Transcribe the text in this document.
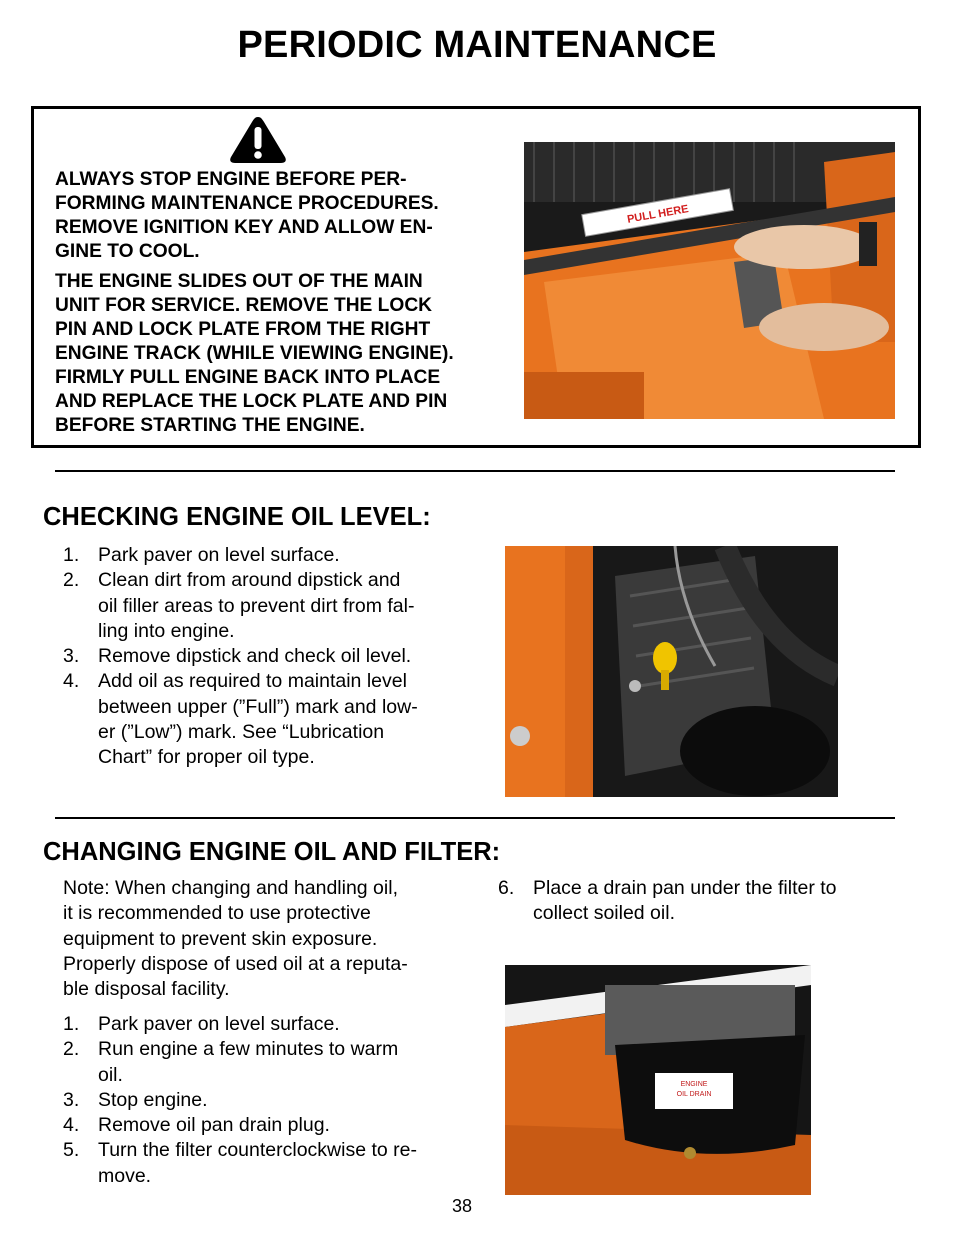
PERIODIC MAINTENANCE
ALWAYS STOP ENGINE BEFORE PER-
FORMING MAINTENANCE PROCEDURES.
REMOVE IGNITION KEY AND ALLOW EN-
GINE TO COOL.
THE ENGINE SLIDES OUT OF THE MAIN
UNIT FOR SERVICE. REMOVE THE LOCK
PIN AND LOCK PLATE FROM THE RIGHT
ENGINE TRACK (WHILE VIEWING ENGINE).
FIRMLY PULL ENGINE BACK INTO PLACE
AND REPLACE THE LOCK PLATE AND PIN
BEFORE STARTING THE ENGINE.
PULL HERE
CHECKING ENGINE OIL LEVEL:
1. Park paver on level surface.
2. Clean dirt from around dipstick and
oil filler areas to prevent dirt from fal-
ling into engine.
3. Remove dipstick and check oil level.
4. Add oil as required to maintain level
between upper (”Full”) mark and low-
er (”Low”) mark. See “Lubrication
Chart” for proper oil type.
CHANGING ENGINE OIL AND FILTER:
Note: When changing and handling oil,
it is recommended to use protective
equipment to prevent skin exposure.
Properly dispose of used oil at a reputa-
ble disposal facility.
1. Park paver on level surface.
2. Run engine a few minutes to warm
oil.
3. Stop engine.
4. Remove oil pan drain plug.
5. Turn the filter counterclockwise to re-
move.
6. Place a drain pan under the filter to
collect soiled oil.
ENGINE
OIL DRAIN
38
